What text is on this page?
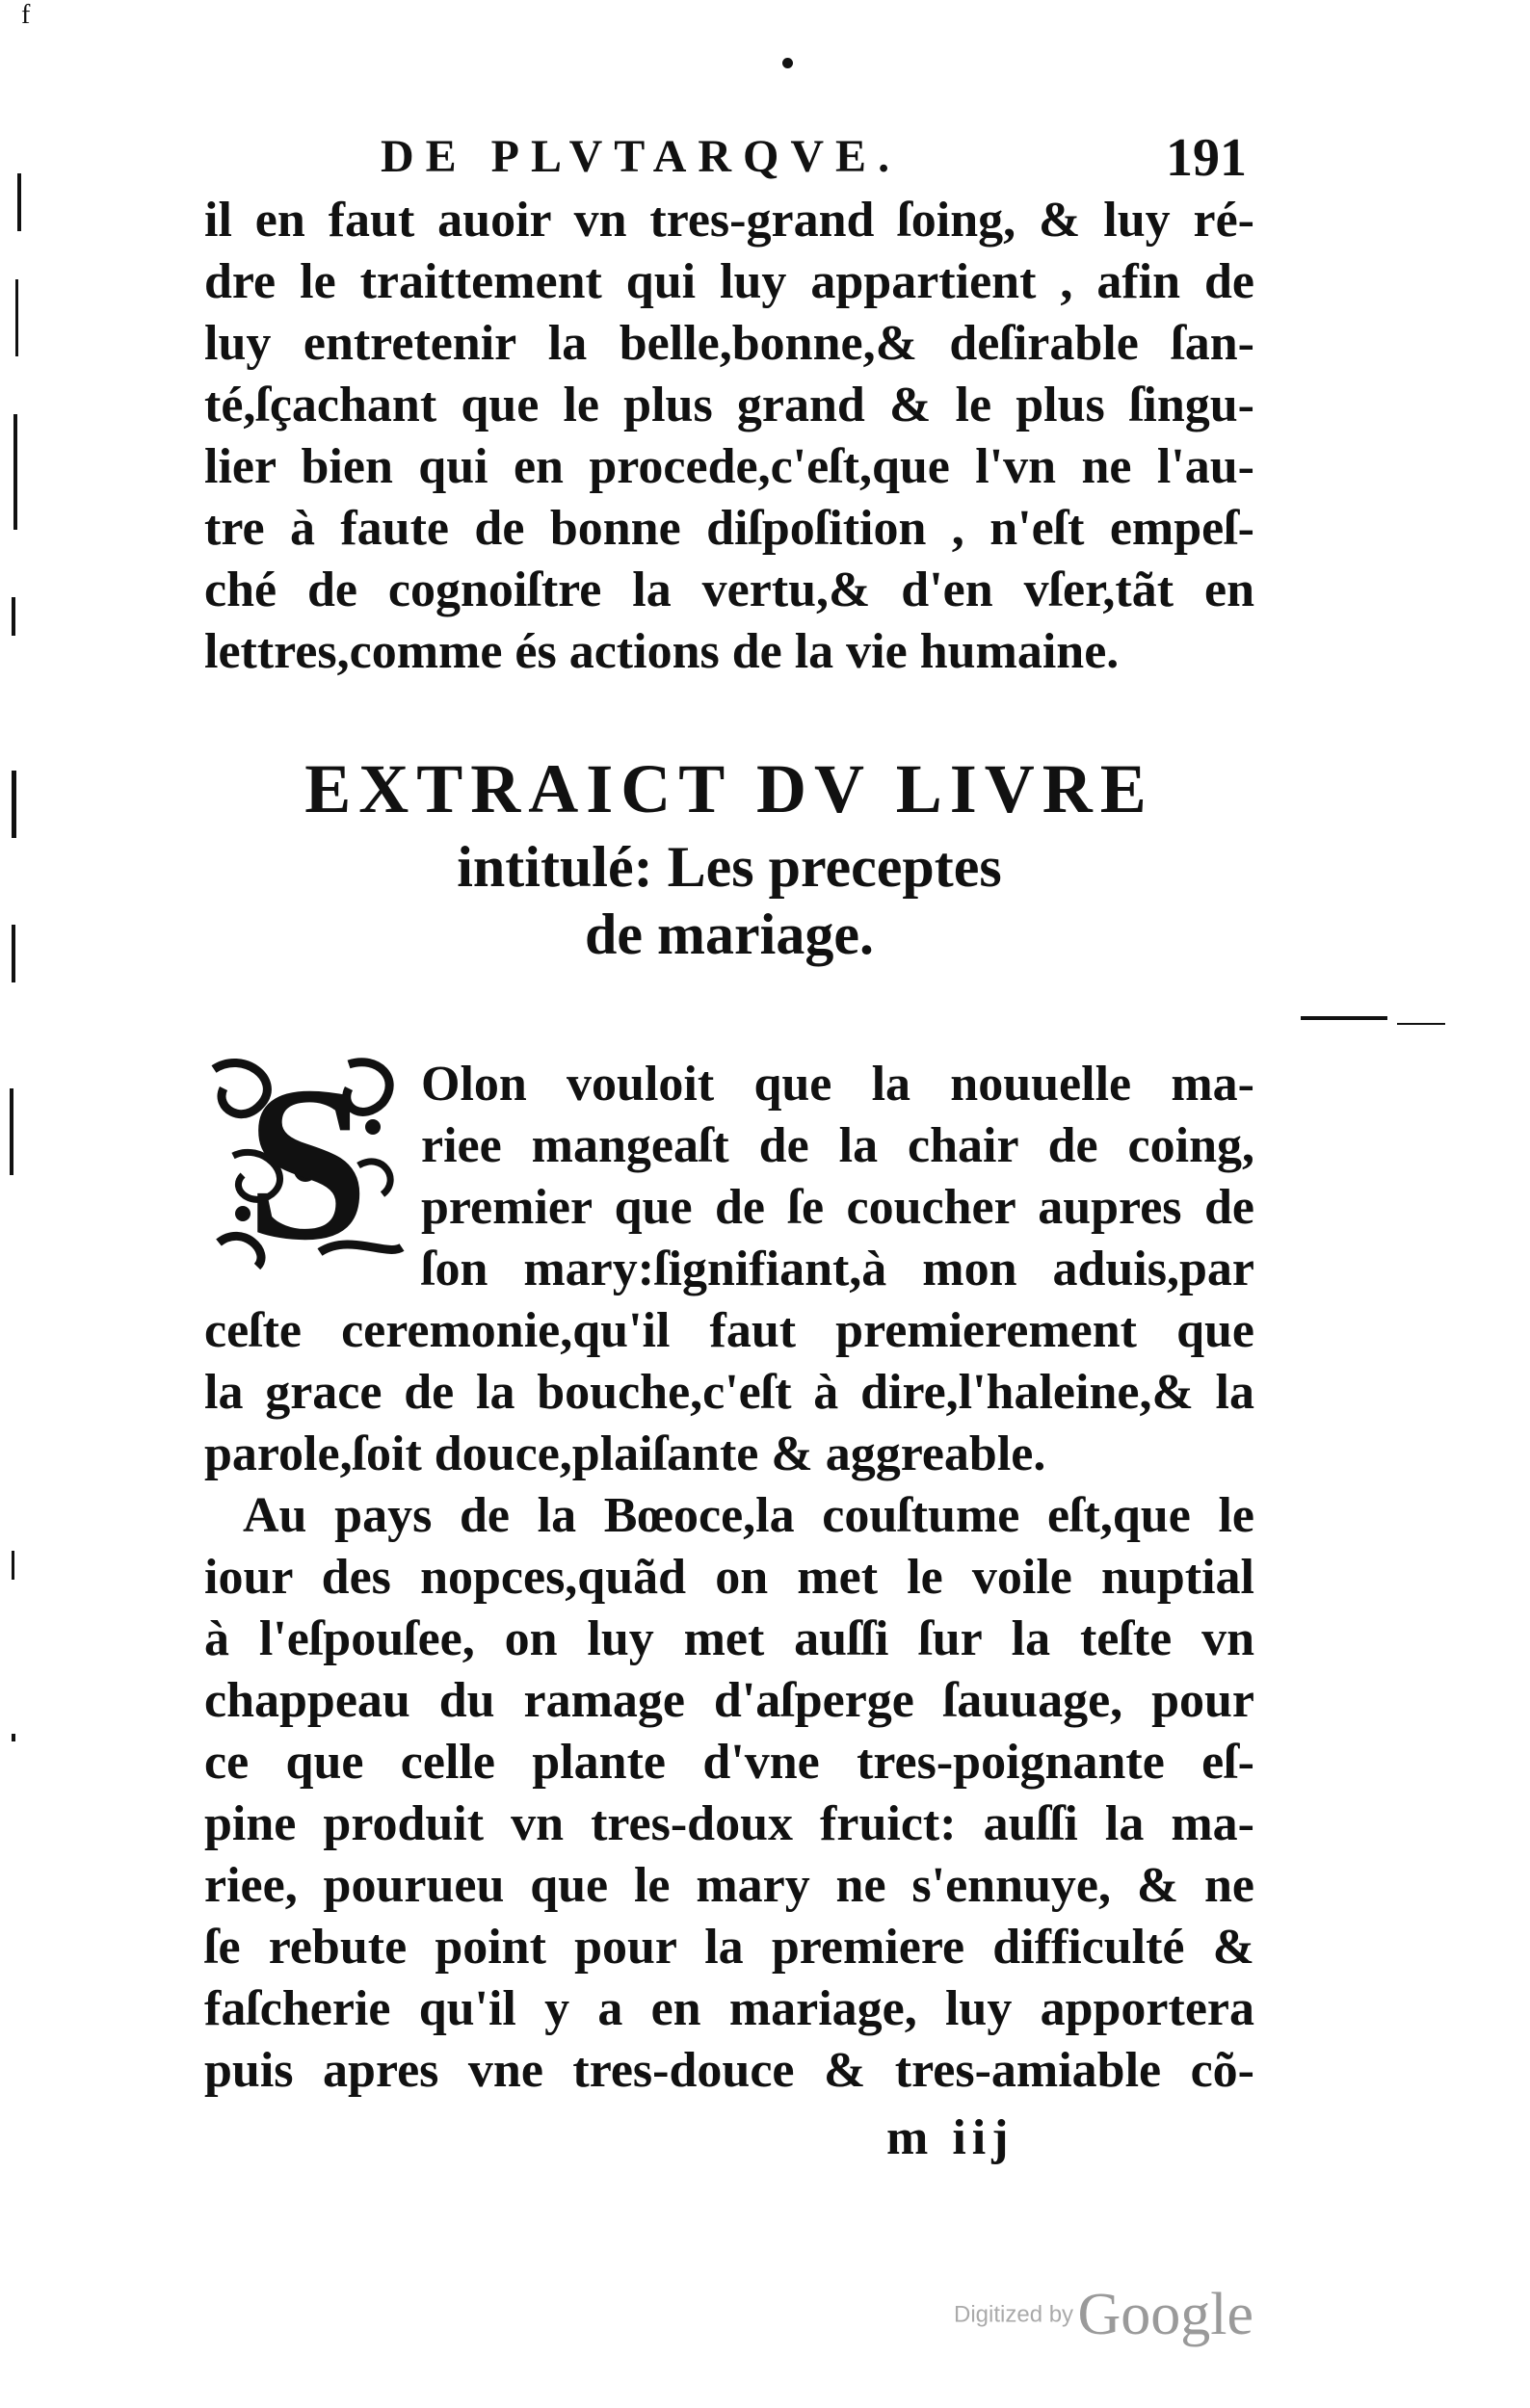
f
DE PLVTARQVE.	191
il en faut auoir vn tres-grand ſoing, & luy ré-
dre le traittement qui luy appartient , afin de
luy entretenir la belle,bonne,& deſirable ſan-
té,ſçachant que le plus grand & le plus ſingu-
lier bien qui en procede,c'eſt,que l'vn ne l'au-
tre à faute de bonne diſpoſition , n'eſt empeſ-
ché de cognoiſtre la vertu,& d'en vſer,tãt en
lettres,comme és actions de la vie humaine.
EXTRAICT DV LIVRE
intitulé: Les preceptes
de mariage.
S	Olon vouloit que la nouuelle ma-
riee mangeaſt de la chair de coing,
premier que de ſe coucher aupres de
ſon mary:ſignifiant,à mon aduis,par
ceſte ceremonie,qu'il faut premierement que
la grace de la bouche,c'eſt à dire,l'haleine,& la
parole,ſoit douce,plaiſante & aggreable.
Au pays de la Bœoce,la couſtume eſt,que le
iour des nopces,quãd on met le voile nuptial
à l'eſpouſee, on luy met auſſi ſur la teſte vn
chappeau du ramage d'aſperge ſauuage, pour
ce que celle plante d'vne tres-poignante eſ-
pine produit vn tres-doux fruict: auſſi la ma-
riee, pourueu que le mary ne s'ennuye, & ne
ſe rebute point pour la premiere difficulté &
faſcherie qu'il y a en mariage, luy apportera
puis apres vne tres-douce & tres-amiable cõ-
m iij
Digitized by Google
